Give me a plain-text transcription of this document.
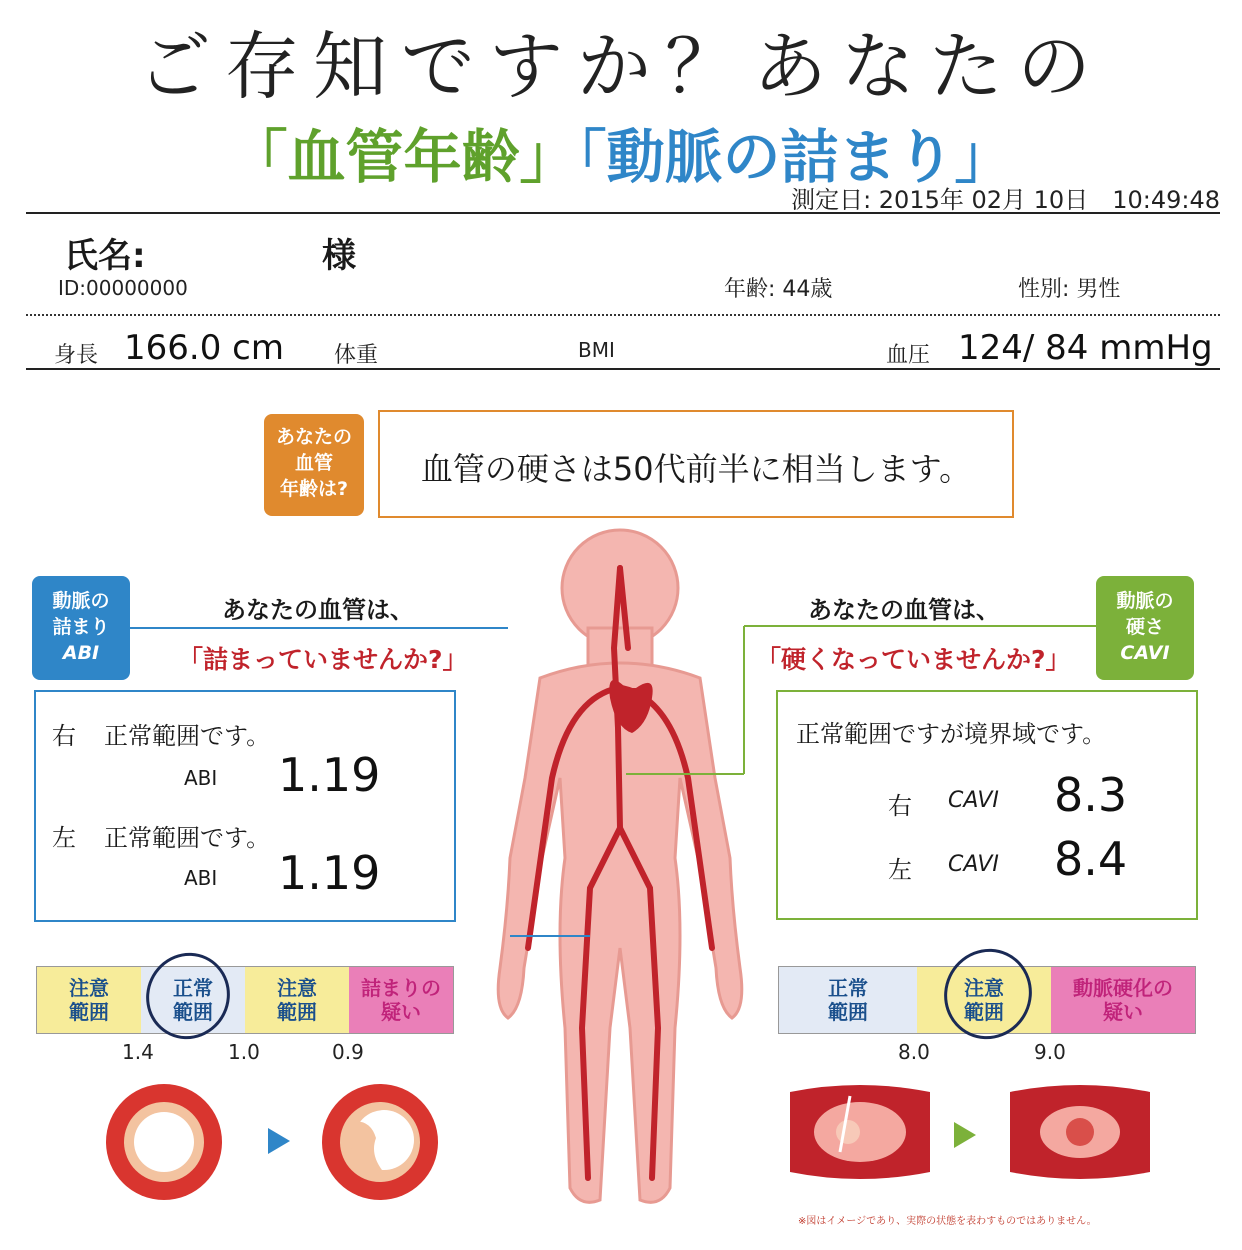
ご存知ですか？あなたの
「血管年齢」「動脈の詰まり」
測定日: 2015年 02月 10日　10:49:48
氏名:	様
ID:00000000	年齢: 44歳	性別: 男性
身長 166.0 cm 体重	BMI	血圧 124/ 84 mmHg
あなたの
血管
年齢は?
血管の硬さは50代前半に相当します。
動脈の
詰まり
ABI
あなたの血管は、
「詰まっていませんか?」
右 正常範囲です。
ABI 1.19
左 正常範囲です。
ABI 1.19
注意
範囲
正常
範囲
注意
範囲
詰まりの
疑い
1.4	1.0	0.9
動脈の
硬さ
CAVI
あなたの血管は、
「硬くなっていませんか?」
正常範囲ですが境界域です。
右 CAVI 8.3
左 CAVI 8.4
正常
範囲
注意
範囲
動脈硬化の
疑い
8.0	9.0
※図はイメージであり、実際の状態を表わすものではありません。
